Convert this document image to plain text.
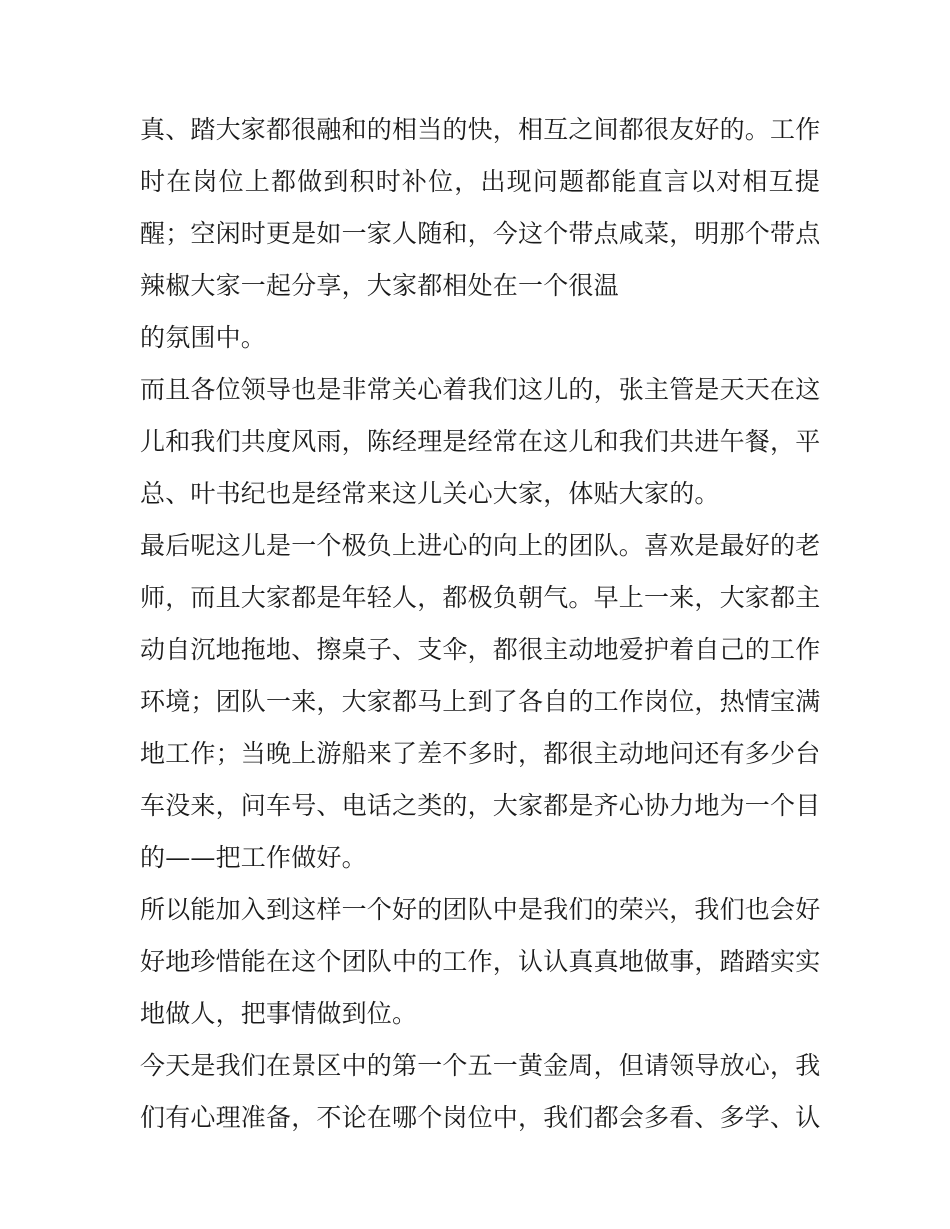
真、踏大家都很融和的相当的快，相互之间都很友好的。工作
时在岗位上都做到积时补位，出现问题都能直言以对相互提
醒；空闲时更是如一家人随和，今这个带点咸菜，明那个带点
辣椒大家一起分享，大家都相处在一个很温
的氛围中。
而且各位领导也是非常关心着我们这儿的，张主管是天天在这
儿和我们共度风雨，陈经理是经常在这儿和我们共进午餐，平
总、叶书纪也是经常来这儿关心大家，体贴大家的。
最后呢这儿是一个极负上进心的向上的团队。喜欢是最好的老
师，而且大家都是年轻人，都极负朝气。早上一来，大家都主
动自沉地拖地、擦桌子、支伞，都很主动地爱护着自己的工作
环境；团队一来，大家都马上到了各自的工作岗位，热情宝满
地工作；当晚上游船来了差不多时，都很主动地问还有多少台
车没来，问车号、电话之类的，大家都是齐心协力地为一个目
的——把工作做好。
所以能加入到这样一个好的团队中是我们的荣兴，我们也会好
好地珍惜能在这个团队中的工作，认认真真地做事，踏踏实实
地做人，把事情做到位。
今天是我们在景区中的第一个五一黄金周，但请领导放心，我
们有心理准备，不论在哪个岗位中，我们都会多看、多学、认
